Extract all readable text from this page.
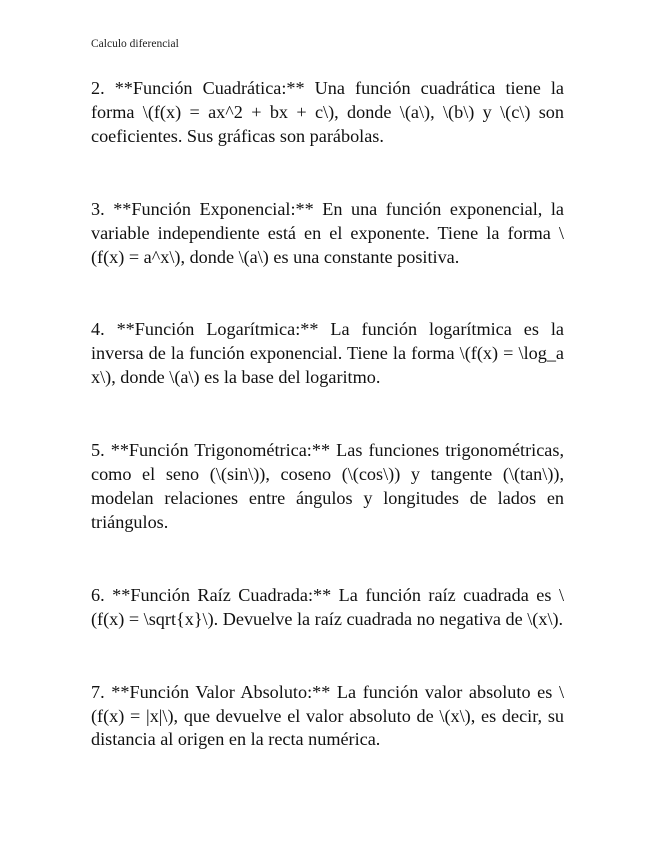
Calculo diferencial

2. **Función Cuadrática:** Una función cuadrática tiene la forma \(f(x) = ax^2 + bx + c\), donde \(a\), \(b\) y \(c\) son coeficientes. Sus gráficas son parábolas.

3. **Función Exponencial:** En una función exponencial, la variable independiente está en el exponente. Tiene la forma \(f(x) = a^x\), donde \(a\) es una constante positiva.

4. **Función Logarítmica:** La función logarítmica es la inversa de la función exponencial. Tiene la forma \(f(x) = \log_a x\), donde \(a\) es la base del logaritmo.

5. **Función Trigonométrica:** Las funciones trigonométricas, como el seno (\(sin\)), coseno (\(cos\)) y tangente (\(tan\)), modelan relaciones entre ángulos y longitudes de lados en triángulos.

6. **Función Raíz Cuadrada:** La función raíz cuadrada es \(f(x) = \sqrt{x}\). Devuelve la raíz cuadrada no negativa de \(x\).

7. **Función Valor Absoluto:** La función valor absoluto es \(f(x) = |x|\), que devuelve el valor absoluto de \(x\), es decir, su distancia al origen en la recta numérica.
